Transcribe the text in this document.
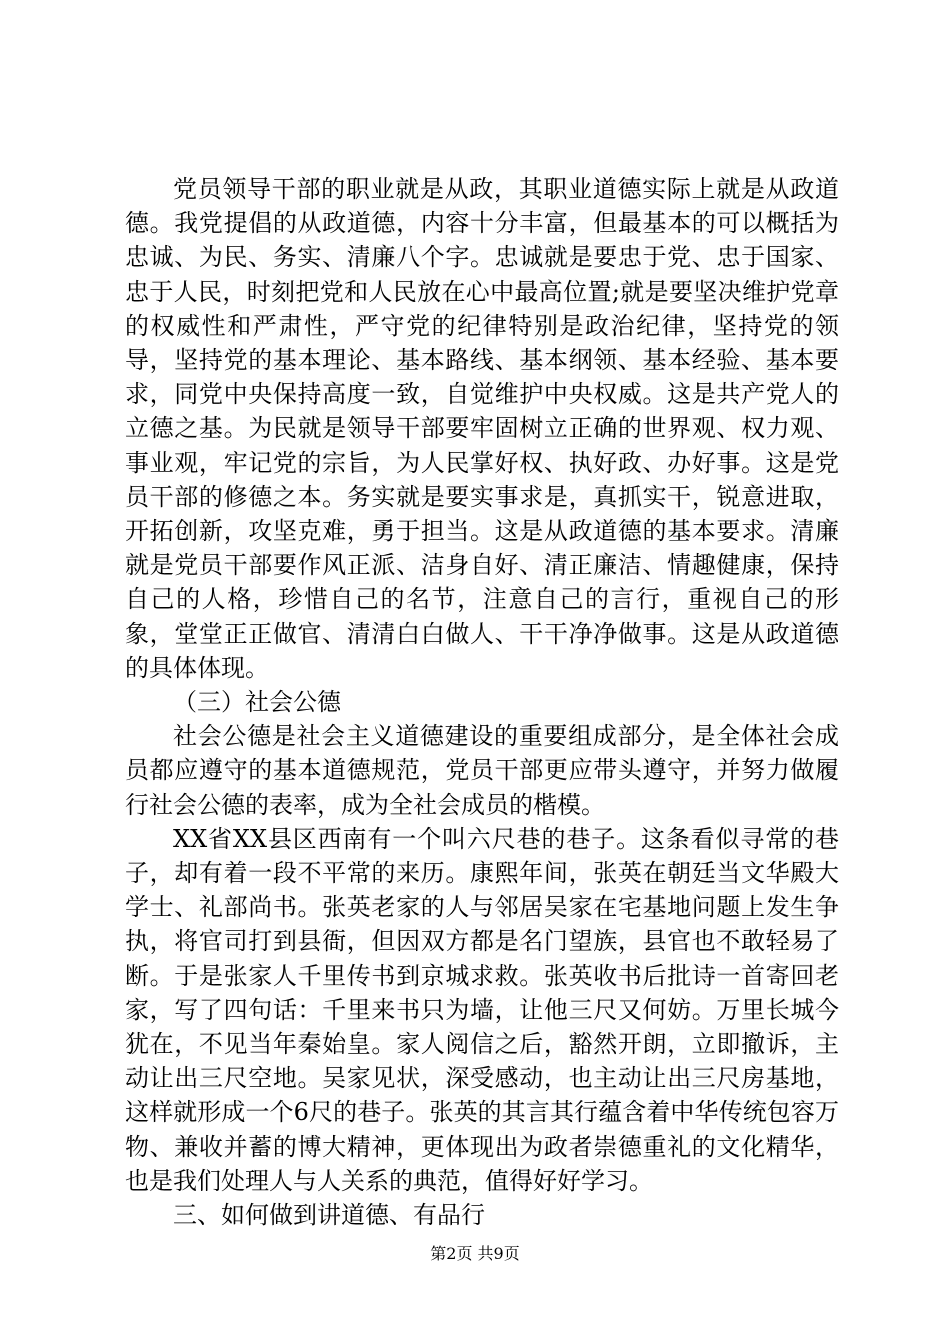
党员领导干部的职业就是从政，其职业道德实际上就是从政道德。我党提倡的从政道德，内容十分丰富，但最基本的可以概括为忠诚、为民、务实、清廉八个字。忠诚就是要忠于党、忠于国家、忠于人民，时刻把党和人民放在心中最高位置;就是要坚决维护党章的权威性和严肃性，严守党的纪律特别是政治纪律，坚持党的领导，坚持党的基本理论、基本路线、基本纲领、基本经验、基本要求，同党中央保持高度一致，自觉维护中央权威。这是共产党人的立德之基。为民就是领导干部要牢固树立正确的世界观、权力观、事业观，牢记党的宗旨，为人民掌好权、执好政、办好事。这是党员干部的修德之本。务实就是要实事求是，真抓实干，锐意进取，开拓创新，攻坚克难，勇于担当。这是从政道德的基本要求。清廉就是党员干部要作风正派、洁身自好、清正廉洁、情趣健康，保持自己的人格，珍惜自己的名节，注意自己的言行，重视自己的形象，堂堂正正做官、清清白白做人、干干净净做事。这是从政道德的具体体现。

（三）社会公德

社会公德是社会主义道德建设的重要组成部分，是全体社会成员都应遵守的基本道德规范，党员干部更应带头遵守，并努力做履行社会公德的表率，成为全社会成员的楷模。

XX省XX县区西南有一个叫六尺巷的巷子。这条看似寻常的巷子，却有着一段不平常的来历。康熙年间，张英在朝廷当文华殿大学士、礼部尚书。张英老家的人与邻居吴家在宅基地问题上发生争执，将官司打到县衙，但因双方都是名门望族，县官也不敢轻易了断。于是张家人千里传书到京城求救。张英收书后批诗一首寄回老家，写了四句话：千里来书只为墙，让他三尺又何妨。万里长城今犹在，不见当年秦始皇。家人阅信之后，豁然开朗，立即撤诉，主动让出三尺空地。吴家见状，深受感动，也主动让出三尺房基地，这样就形成一个6尺的巷子。张英的其言其行蕴含着中华传统包容万物、兼收并蓄的博大精神，更体现出为政者崇德重礼的文化精华，也是我们处理人与人关系的典范，值得好好学习。

三、如何做到讲道德、有品行

第2页 共9页
